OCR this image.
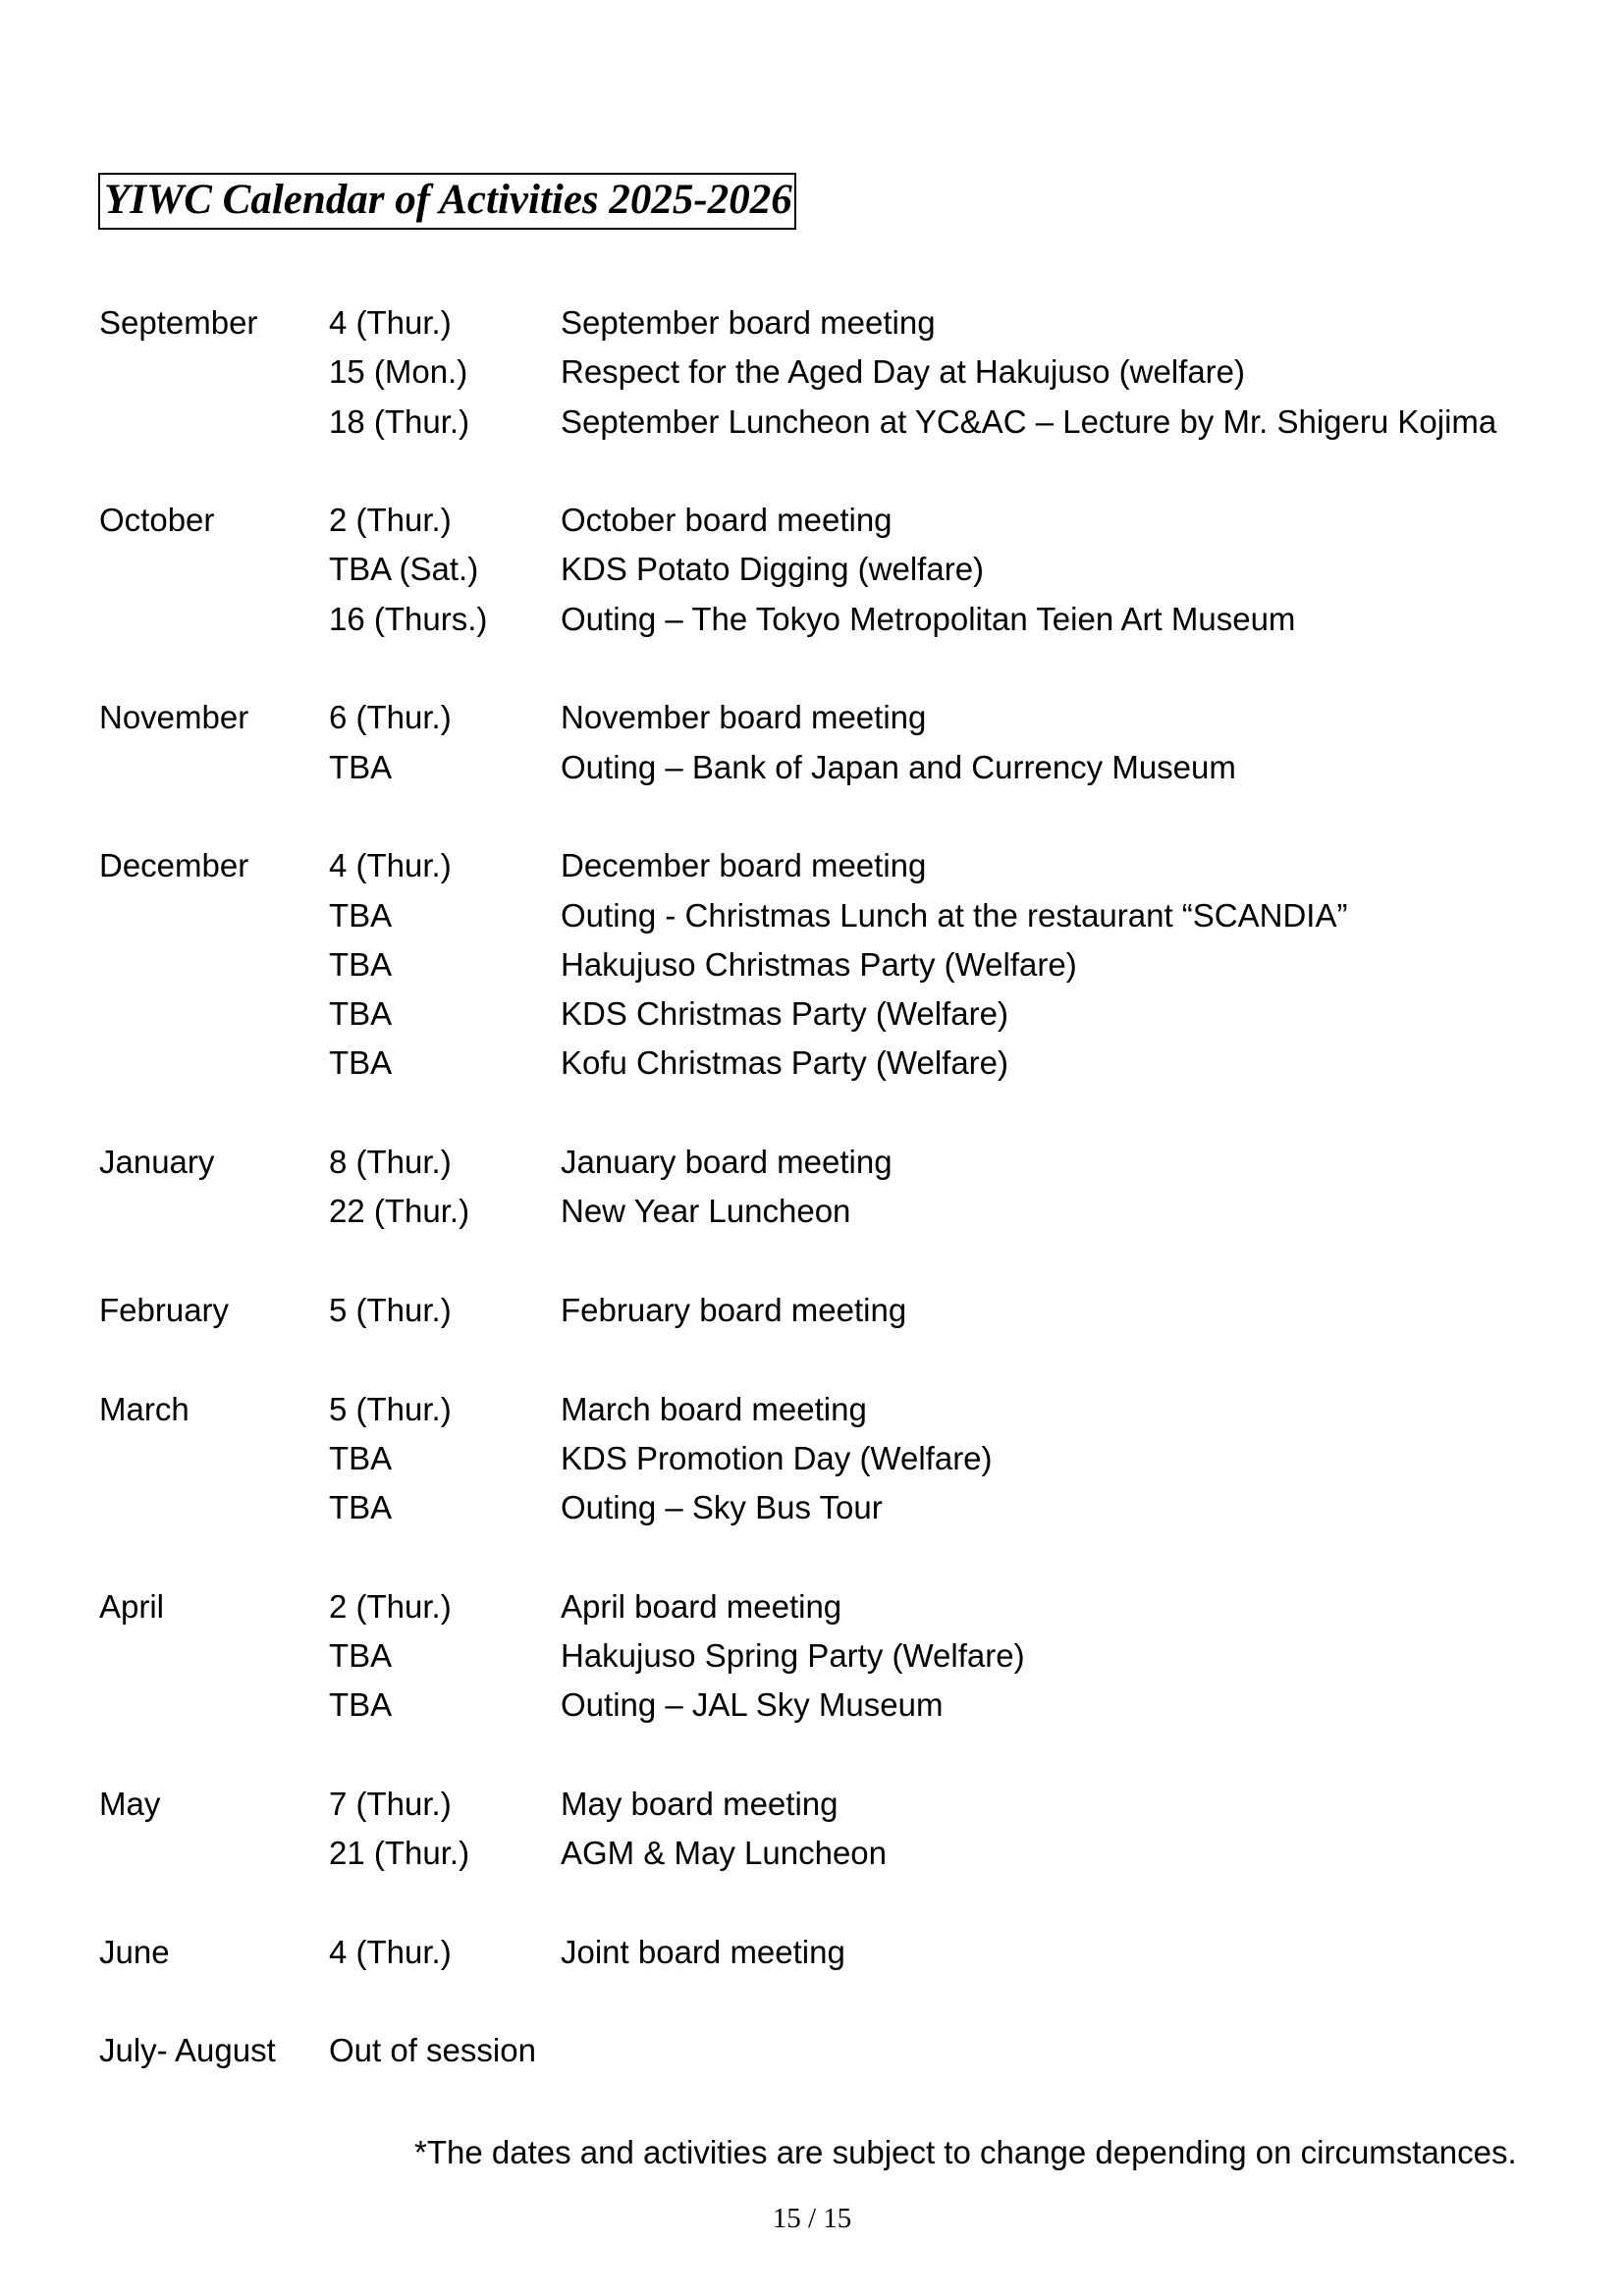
YIWC Calendar of Activities 2025-2026
September 4 (Thur.)	September board meeting
15 (Mon.)	Respect for the Aged Day at Hakujuso (welfare)
18 (Thur.)	September Luncheon at YC&AC – Lecture by Mr. Shigeru Kojima
October	2 (Thur.)	October board meeting
TBA (Sat.)	KDS Potato Digging (welfare)
16 (Thurs.) Outing – The Tokyo Metropolitan Teien Art Museum
November 6 (Thur.)	November board meeting
TBA	Outing – Bank of Japan and Currency Museum
December 4 (Thur.)	December board meeting
TBA	Outing - Christmas Lunch at the restaurant “SCANDIA”
TBA	Hakujuso Christmas Party (Welfare)
TBA	KDS Christmas Party (Welfare)
TBA	Kofu Christmas Party (Welfare)
January	8 (Thur.)	January board meeting
22 (Thur.)	New Year Luncheon
February	5 (Thur.)	February board meeting
March	5 (Thur.)	March board meeting
TBA	KDS Promotion Day (Welfare)
TBA	Outing – Sky Bus Tour
April	2 (Thur.)	April board meeting
TBA	Hakujuso Spring Party (Welfare)
TBA	Outing – JAL Sky Museum
May	7 (Thur.)	May board meeting
21 (Thur.)	AGM & May Luncheon
June	4 (Thur.)	Joint board meeting
July- August Out of session
*The dates and activities are subject to change depending on circumstances.
15 / 15
